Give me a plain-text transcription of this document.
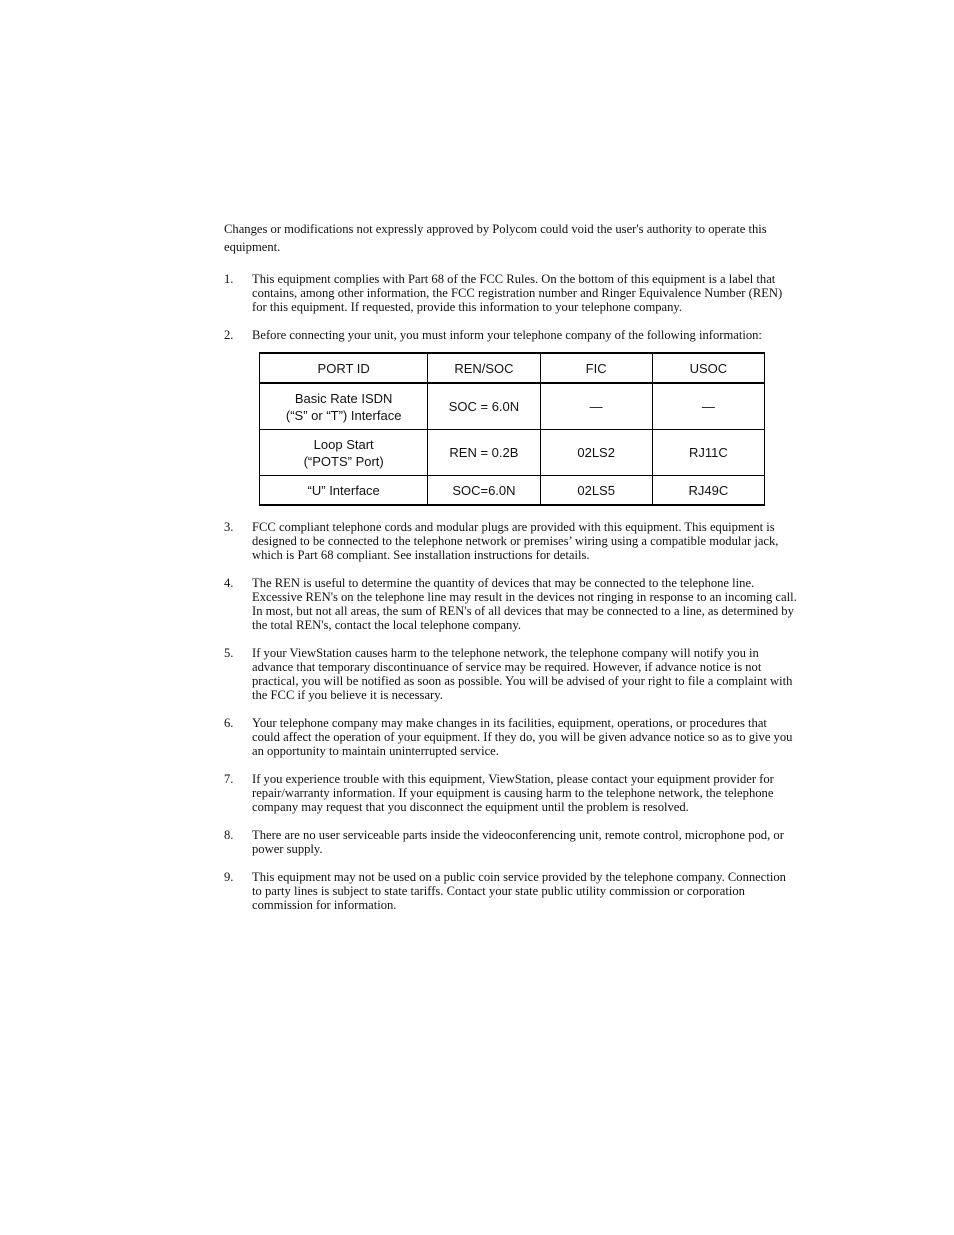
Changes or modifications not expressly approved by Polycom could void the user's authority to operate this equipment.

1. This equipment complies with Part 68 of the FCC Rules. On the bottom of this equipment is a label that contains, among other information, the FCC registration number and Ringer Equivalence Number (REN) for this equipment. If requested, provide this information to your telephone company.
2. Before connecting your unit, you must inform your telephone company of the following information:
PORT ID	REN/SOC	FIC	USOC

Basic Rate ISDN
(“S” or “T”) Interface	SOC = 6.0N	—	—

Loop Start
(“POTS” Port)	REN = 0.2B	02LS2	RJ11C
“U” Interface	SOC=6.0N	02LS5	RJ49C
3. FCC compliant telephone cords and modular plugs are provided with this equipment. This equipment is designed to be connected to the telephone network or premises’ wiring using a compatible modular jack, which is Part 68 compliant. See installation instructions for details.
4. The REN is useful to determine the quantity of devices that may be connected to the telephone line. Excessive REN's on the telephone line may result in the devices not ringing in response to an incoming call. In most, but not all areas, the sum of REN's of all devices that may be connected to a line, as determined by the total REN's, contact the local telephone company.
5. If your ViewStation causes harm to the telephone network, the telephone company will notify you in advance that temporary discontinuance of service may be required. However, if advance notice is not practical, you will be notified as soon as possible. You will be advised of your right to file a complaint with the FCC if you believe it is necessary.
6. Your telephone company may make changes in its facilities, equipment, operations, or procedures that could affect the operation of your equipment. If they do, you will be given advance notice so as to give you an opportunity to maintain uninterrupted service.
7. If you experience trouble with this equipment, ViewStation, please contact your equipment provider for repair/warranty information. If your equipment is causing harm to the telephone network, the telephone company may request that you disconnect the equipment until the problem is resolved.
8. There are no user serviceable parts inside the videoconferencing unit, remote control, microphone pod, or power supply.
9. This equipment may not be used on a public coin service provided by the telephone company. Connection to party lines is subject to state tariffs. Contact your state public utility commission or corporation commission for information.
